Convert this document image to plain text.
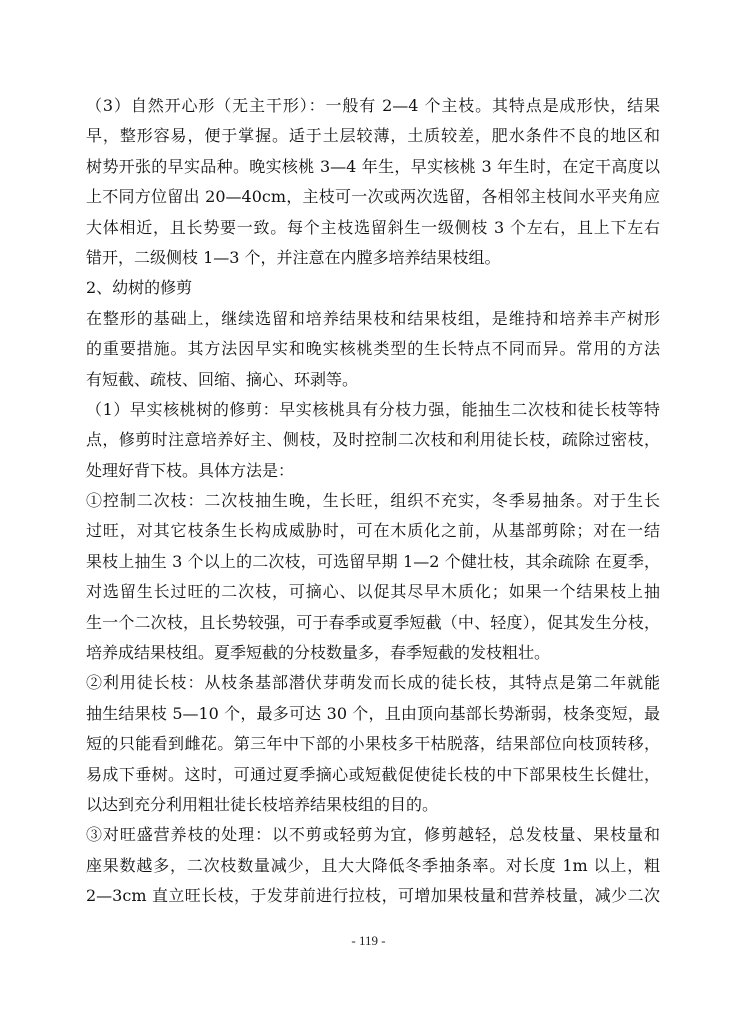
（3）自然开心形（无主干形）：一般有 2—4 个主枝。其特点是成形快，结果
早，整形容易，便于掌握。适于土层较薄，土质较差，肥水条件不良的地区和
树势开张的早实品种。晚实核桃 3—4 年生，早实核桃 3 年生时，在定干高度以
上不同方位留出 20—40cm，主枝可一次或两次选留，各相邻主枝间水平夹角应
大体相近，且长势要一致。每个主枝选留斜生一级侧枝 3 个左右，且上下左右
错开，二级侧枝 1—3 个，并注意在内膛多培养结果枝组。
2、幼树的修剪
在整形的基础上，继续选留和培养结果枝和结果枝组，是维持和培养丰产树形
的重要措施。其方法因早实和晚实核桃类型的生长特点不同而异。常用的方法
有短截、疏枝、回缩、摘心、环剥等。
（1）早实核桃树的修剪：早实核桃具有分枝力强，能抽生二次枝和徒长枝等特
点，修剪时注意培养好主、侧枝，及时控制二次枝和利用徒长枝，疏除过密枝，
处理好背下枝。具体方法是：
①控制二次枝：二次枝抽生晚，生长旺，组织不充实，冬季易抽条。对于生长
过旺，对其它枝条生长构成威胁时，可在木质化之前，从基部剪除；对在一结
果枝上抽生 3 个以上的二次枝，可选留早期 1—2 个健壮枝，其余疏除 在夏季，
对选留生长过旺的二次枝，可摘心、以促其尽早木质化；如果一个结果枝上抽
生一个二次枝，且长势较强，可于春季或夏季短截（中、轻度），促其发生分枝，
培养成结果枝组。夏季短截的分枝数量多，春季短截的发枝粗壮。
②利用徒长枝：从枝条基部潜伏芽萌发而长成的徒长枝，其特点是第二年就能
抽生结果枝 5—10 个，最多可达 30 个，且由顶向基部长势渐弱，枝条变短，最
短的只能看到雌花。第三年中下部的小果枝多干枯脱落，结果部位向枝顶转移，
易成下垂树。这时，可通过夏季摘心或短截促使徒长枝的中下部果枝生长健壮，
以达到充分利用粗壮徒长枝培养结果枝组的目的。
③对旺盛营养枝的处理：以不剪或轻剪为宜，修剪越轻，总发枝量、果枝量和
座果数越多，二次枝数量减少，且大大降低冬季抽条率。对长度 1m 以上，粗
2—3cm 直立旺长枝，于发芽前进行拉枝，可增加果枝量和营养枝量，减少二次
- 119 -
